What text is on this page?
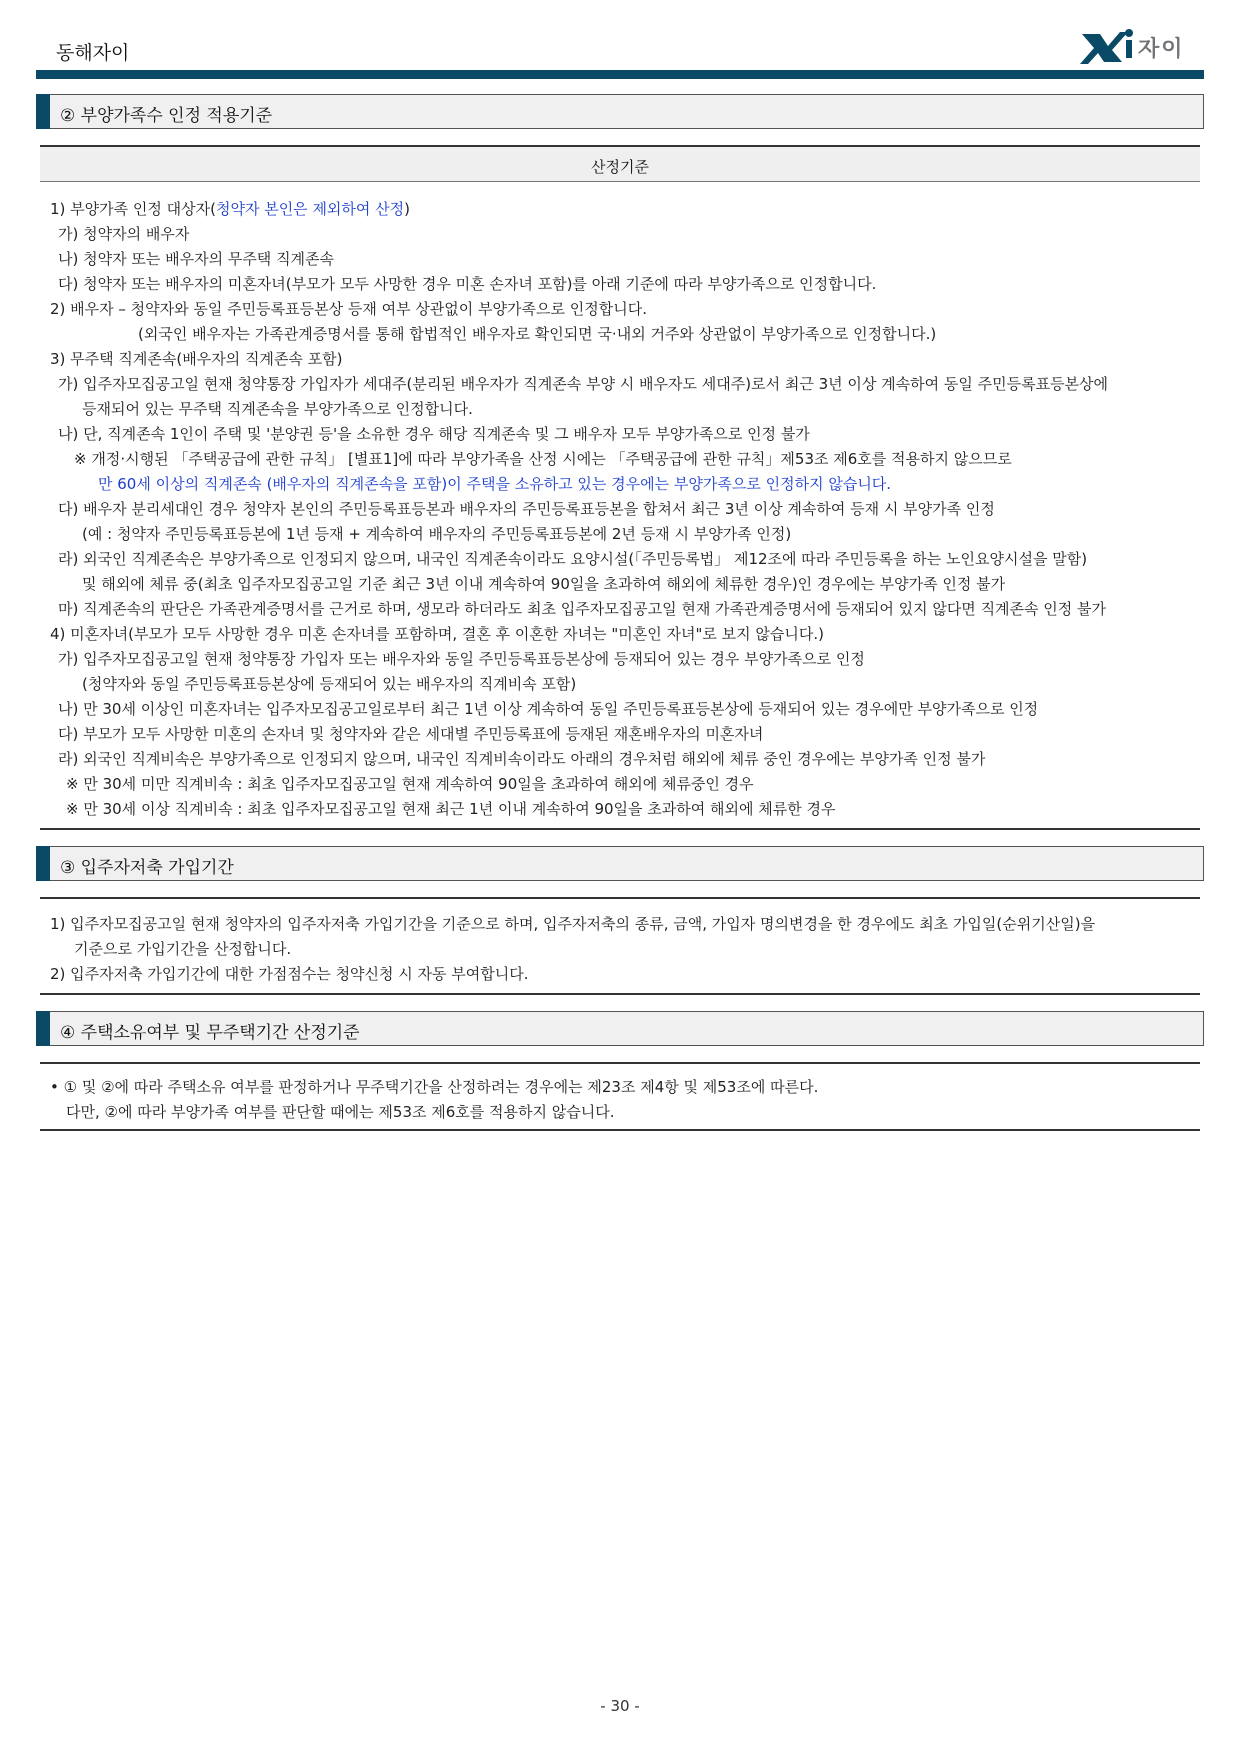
동해자이	자이
② 부양가족수 인정 적용기준
산정기준
1) 부양가족 인정 대상자(청약자 본인은 제외하여 산정)
가) 청약자의 배우자
나) 청약자 또는 배우자의 무주택 직계존속
다) 청약자 또는 배우자의 미혼자녀(부모가 모두 사망한 경우 미혼 손자녀 포함)를 아래 기준에 따라 부양가족으로 인정합니다.
2) 배우자 – 청약자와 동일 주민등록표등본상 등재 여부 상관없이 부양가족으로 인정합니다.
(외국인 배우자는 가족관계증명서를 통해 합법적인 배우자로 확인되면 국·내외 거주와 상관없이 부양가족으로 인정합니다.)
3) 무주택 직계존속(배우자의 직계존속 포함)
가) 입주자모집공고일 현재 청약통장 가입자가 세대주(분리된 배우자가 직계존속 부양 시 배우자도 세대주)로서 최근 3년 이상 계속하여 동일 주민등록표등본상에
등재되어 있는 무주택 직계존속을 부양가족으로 인정합니다.
나) 단, 직계존속 1인이 주택 및 '분양권 등'을 소유한 경우 해당 직계존속 및 그 배우자 모두 부양가족으로 인정 불가
※ 개정·시행된 「주택공급에 관한 규칙」 [별표1]에 따라 부양가족을 산정 시에는 「주택공급에 관한 규칙」제53조 제6호를 적용하지 않으므로
만 60세 이상의 직계존속 (배우자의 직계존속을 포함)이 주택을 소유하고 있는 경우에는 부양가족으로 인정하지 않습니다.
다) 배우자 분리세대인 경우 청약자 본인의 주민등록표등본과 배우자의 주민등록표등본을 합쳐서 최근 3년 이상 계속하여 등재 시 부양가족 인정
(예 : 청약자 주민등록표등본에 1년 등재 + 계속하여 배우자의 주민등록표등본에 2년 등재 시 부양가족 인정)
라) 외국인 직계존속은 부양가족으로 인정되지 않으며, 내국인 직계존속이라도 요양시설(「주민등록법」 제12조에 따라 주민등록을 하는 노인요양시설을 말함)
및 해외에 체류 중(최초 입주자모집공고일 기준 최근 3년 이내 계속하여 90일을 초과하여 해외에 체류한 경우)인 경우에는 부양가족 인정 불가
마) 직계존속의 판단은 가족관계증명서를 근거로 하며, 생모라 하더라도 최초 입주자모집공고일 현재 가족관계증명서에 등재되어 있지 않다면 직계존속 인정 불가
4) 미혼자녀(부모가 모두 사망한 경우 미혼 손자녀를 포함하며, 결혼 후 이혼한 자녀는 "미혼인 자녀"로 보지 않습니다.)
가) 입주자모집공고일 현재 청약통장 가입자 또는 배우자와 동일 주민등록표등본상에 등재되어 있는 경우 부양가족으로 인정
(청약자와 동일 주민등록표등본상에 등재되어 있는 배우자의 직계비속 포함)
나) 만 30세 이상인 미혼자녀는 입주자모집공고일로부터 최근 1년 이상 계속하여 동일 주민등록표등본상에 등재되어 있는 경우에만 부양가족으로 인정
다) 부모가 모두 사망한 미혼의 손자녀 및 청약자와 같은 세대별 주민등록표에 등재된 재혼배우자의 미혼자녀
라) 외국인 직계비속은 부양가족으로 인정되지 않으며, 내국인 직계비속이라도 아래의 경우처럼 해외에 체류 중인 경우에는 부양가족 인정 불가
※ 만 30세 미만 직계비속 : 최초 입주자모집공고일 현재 계속하여 90일을 초과하여 해외에 체류중인 경우
※ 만 30세 이상 직계비속 : 최초 입주자모집공고일 현재 최근 1년 이내 계속하여 90일을 초과하여 해외에 체류한 경우
③ 입주자저축 가입기간
1) 입주자모집공고일 현재 청약자의 입주자저축 가입기간을 기준으로 하며, 입주자저축의 종류, 금액, 가입자 명의변경을 한 경우에도 최초 가입일(순위기산일)을
기준으로 가입기간을 산정합니다.
2) 입주자저축 가입기간에 대한 가점점수는 청약신청 시 자동 부여합니다.
④ 주택소유여부 및 무주택기간 산정기준
• ① 및 ②에 따라 주택소유 여부를 판정하거나 무주택기간을 산정하려는 경우에는 제23조 제4항 및 제53조에 따른다.
다만, ②에 따라 부양가족 여부를 판단할 때에는 제53조 제6호를 적용하지 않습니다.
- 30 -
